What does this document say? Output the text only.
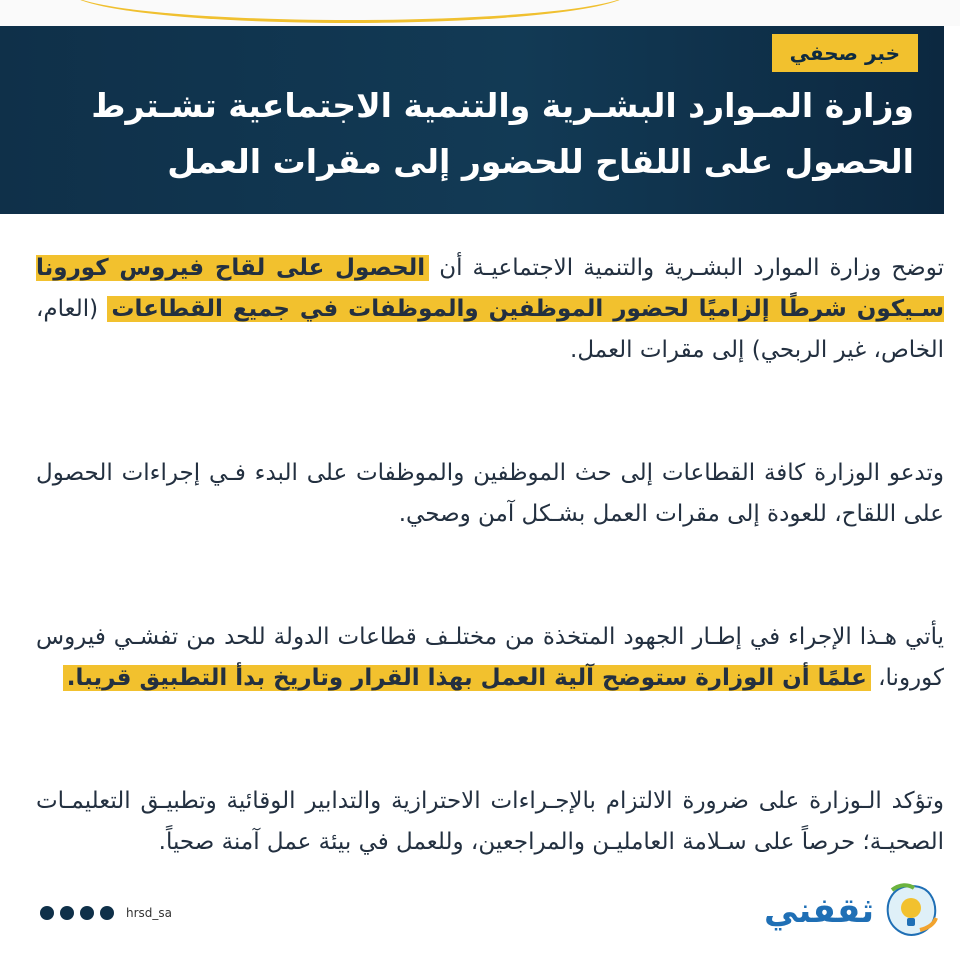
خبر صحفي
وزارة المـوارد البشـرية والتنمية الاجتماعية تشـترط الحصول على اللقاح للحضور إلى مقرات العمل

توضح وزارة الموارد البشـرية والتنمية الاجتماعيـة أن الحصول على لقاح فيروس كورونا سـيكون شرطًا إلزاميًا لحضور الموظفين والموظفات في جميع القطاعات (العام، الخاص، غير الربحي) إلى مقرات العمل.

وتدعو الوزارة كافة القطاعات إلى حث الموظفين والموظفات على البدء فـي إجراءات الحصول على اللقاح، للعودة إلى مقرات العمل بشـكل آمن وصحي.

يأتي هـذا الإجراء في إطـار الجهود المتخذة من مختلـف قطاعات الدولة للحد من تفشـي فيروس كورونا، علمًا أن الوزارة ستوضح آلية العمل بهذا القرار وتاريخ بدأ التطبيق قريبا.

وتؤكد الـوزارة على ضرورة الالتزام بالإجـراءات الاحترازية والتدابير الوقائية وتطبيـق التعليمـات الصحيـة؛ حرصاً على سـلامة العامليـن والمراجعين، وللعمل في بيئة عمل آمنة صحياً.

hrsd_sa	ثقفني
